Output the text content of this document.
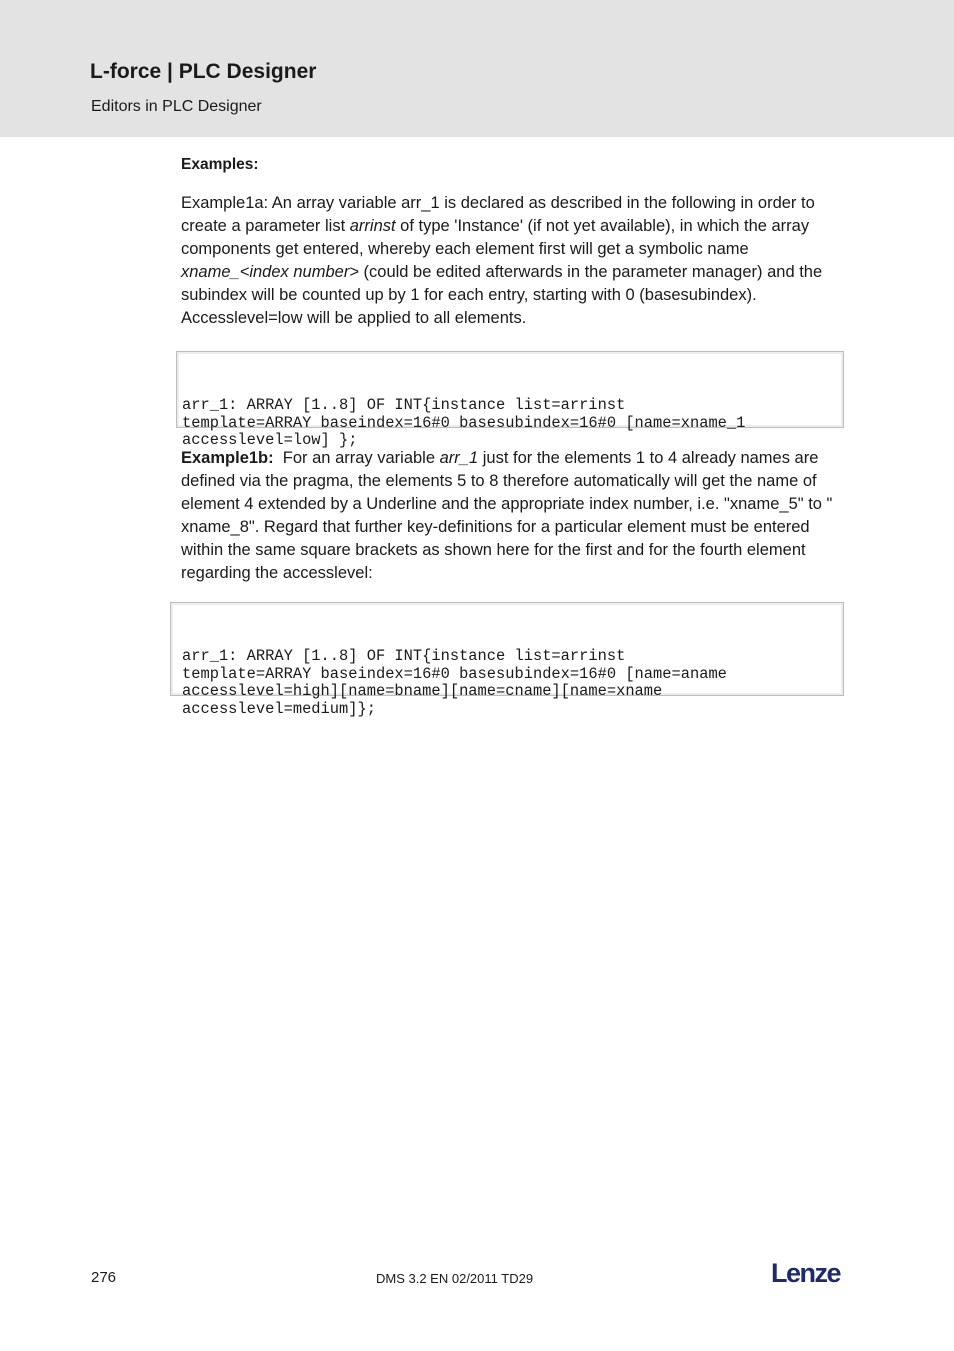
L-force | PLC Designer
Editors in PLC Designer
Examples:

Example1a: An array variable arr_1 is declared as described in the following in order to create a parameter list arrinst of type 'Instance' (if not yet available), in which the array components get entered, whereby each element first will get a symbolic name xname_<index number> (could be edited afterwards in the parameter manager) and the subindex will be counted up by 1 for each entry, starting with 0 (basesubindex). Accesslevel=low will be applied to all elements.

Example1b:  For an array variable arr_1 just for the elements 1 to 4 already names are defined via the pragma, the elements 5 to 8 therefore automatically will get the name of element 4 extended by a Underline and the appropriate index number, i.e. "xname_5" to " xname_8". Regard that further key-definitions for a particular element must be entered within the same square brackets as shown here for the first and for the fourth element regarding the accesslevel:

arr_1: ARRAY [1..8] OF INT{instance list=arrinst
template=ARRAY baseindex=16#0 basesubindex=16#0 [name=xname_1
accesslevel=low] };

arr_1: ARRAY [1..8] OF INT{instance list=arrinst
template=ARRAY baseindex=16#0 basesubindex=16#0 [name=aname
accesslevel=high][name=bname][name=cname][name=xname
accesslevel=medium]};

276	DMS 3.2 EN 02/2011 TD29	Lenze
